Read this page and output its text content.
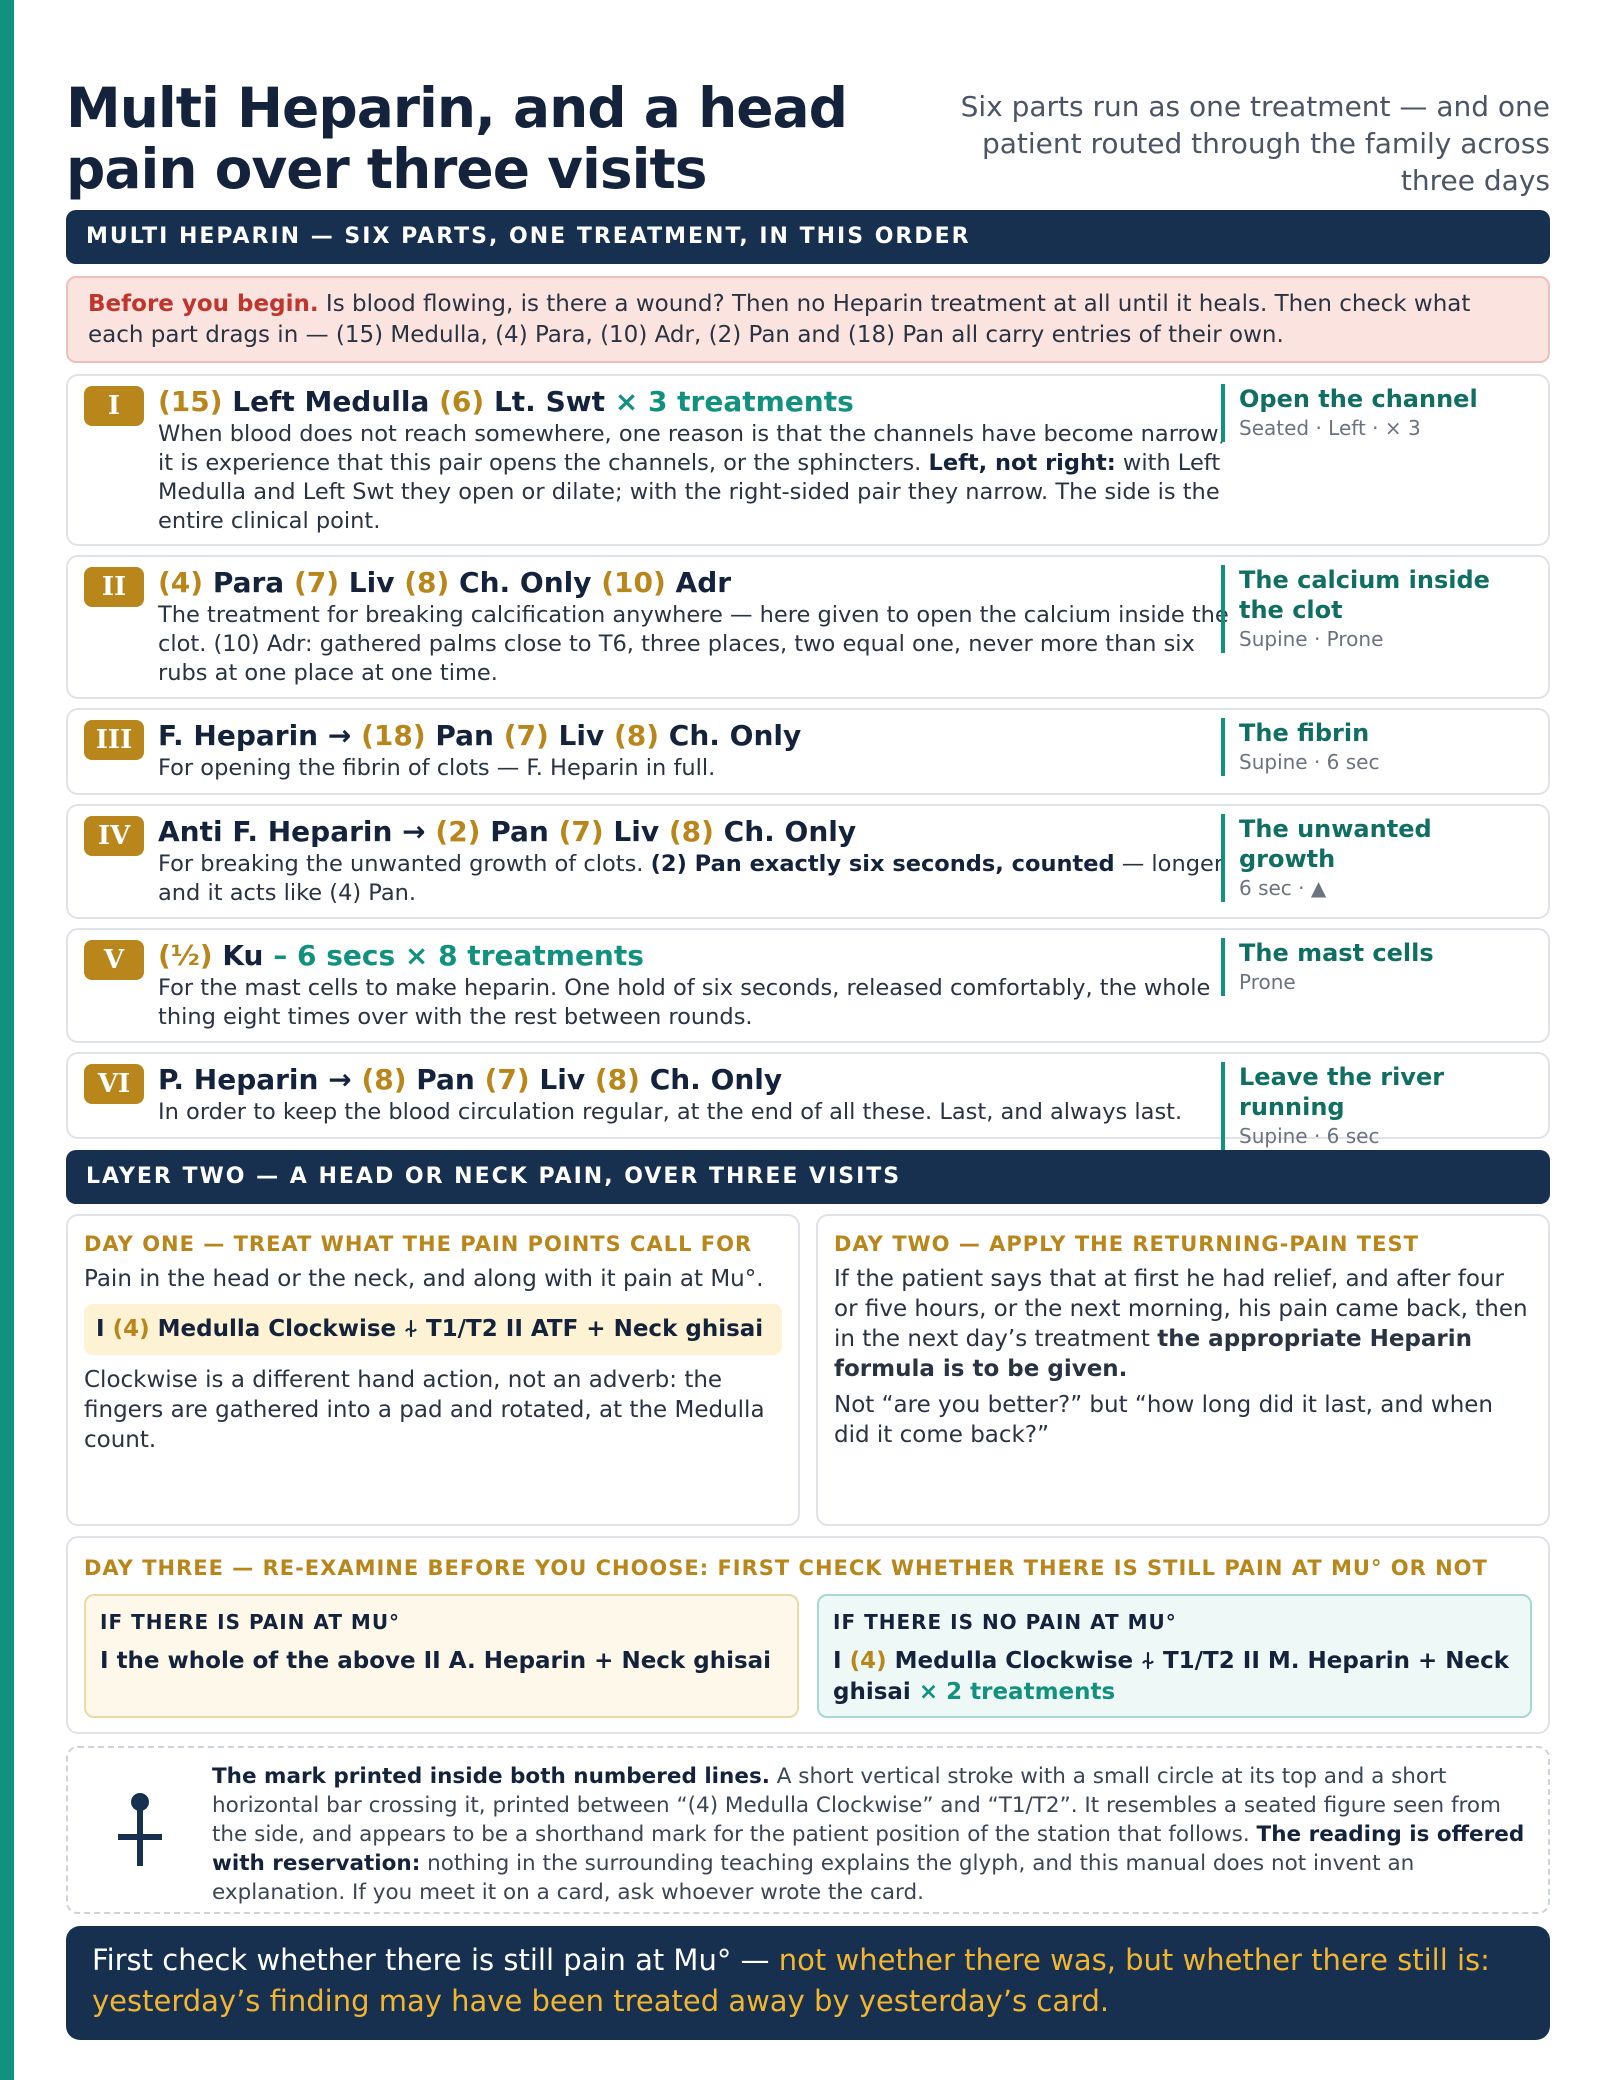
Multi Heparin, and a head pain over three visits
Six parts run as one treatment — and one patient routed through the family across three days
MULTI HEPARIN — SIX PARTS, ONE TREATMENT, IN THIS ORDER
Before you begin. Is blood flowing, is there a wound? Then no Heparin treatment at all until it heals. Then check what each part drags in — (15) Medulla, (4) Para, (10) Adr, (2) Pan and (18) Pan all carry entries of their own.
I	(15) Left Medulla (6) Lt. Swt × 3 treatments
When blood does not reach somewhere, one reason is that the channels have become narrow; it is experience that this pair opens the channels, or the sphincters. Left, not right: with Left Medulla and Left Swt they open or dilate; with the right-sided pair they narrow. The side is the entire clinical point.
Open the channel
Seated · Left · × 3
II	(4) Para (7) Liv (8) Ch. Only (10) Adr
The treatment for breaking calcification anywhere — here given to open the calcium inside the clot. (10) Adr: gathered palms close to T6, three places, two equal one, never more than six rubs at one place at one time.
The calcium inside the clot
Supine · Prone
III F. Heparin → (18) Pan (7) Liv (8) Ch. Only
For opening the fibrin of clots — F. Heparin in full.
The fibrin
Supine · 6 sec
IV Anti F. Heparin → (2) Pan (7) Liv (8) Ch. Only
For breaking the unwanted growth of clots. (2) Pan exactly six seconds, counted — longer and it acts like (4) Pan.
The unwanted growth
6 sec · ▲
V	(½) Ku – 6 secs × 8 treatments
For the mast cells to make heparin. One hold of six seconds, released comfortably, the whole thing eight times over with the rest between rounds.
The mast cells
Prone
VI P. Heparin → (8) Pan (7) Liv (8) Ch. Only
In order to keep the blood circulation regular, at the end of all these. Last, and always last.
Leave the river running
Supine · 6 sec
LAYER TWO — A HEAD OR NECK PAIN, OVER THREE VISITS
DAY ONE — TREAT WHAT THE PAIN POINTS CALL FOR
Pain in the head or the neck, and along with it pain at Mu°.
I (4) Medulla Clockwise ⍭ T1/T2 II ATF + Neck ghisai
Clockwise is a different hand action, not an adverb: the fingers are gathered into a pad and rotated, at the Medulla count.
DAY TWO — APPLY THE RETURNING-PAIN TEST
If the patient says that at first he had relief, and after four or five hours, or the next morning, his pain came back, then in the next day’s treatment the appropriate Heparin formula is to be given.
Not “are you better?” but “how long did it last, and when did it come back?”
DAY THREE — RE-EXAMINE BEFORE YOU CHOOSE: FIRST CHECK WHETHER THERE IS STILL PAIN AT MU° OR NOT
IF THERE IS PAIN AT MU°
I the whole of the above II A. Heparin + Neck ghisai
IF THERE IS NO PAIN AT MU°
I (4) Medulla Clockwise ⍭ T1/T2 II M. Heparin + Neck ghisai × 2 treatments
The mark printed inside both numbered lines. A short vertical stroke with a small circle at its top and a short horizontal bar crossing it, printed between “(4) Medulla Clockwise” and “T1/T2”. It resembles a seated figure seen from the side, and appears to be a shorthand mark for the patient position of the station that follows. The reading is offered with reservation: nothing in the surrounding teaching explains the glyph, and this manual does not invent an explanation. If you meet it on a card, ask whoever wrote the card.
First check whether there is still pain at Mu° — not whether there was, but whether there still is: yesterday’s finding may have been treated away by yesterday’s card.
